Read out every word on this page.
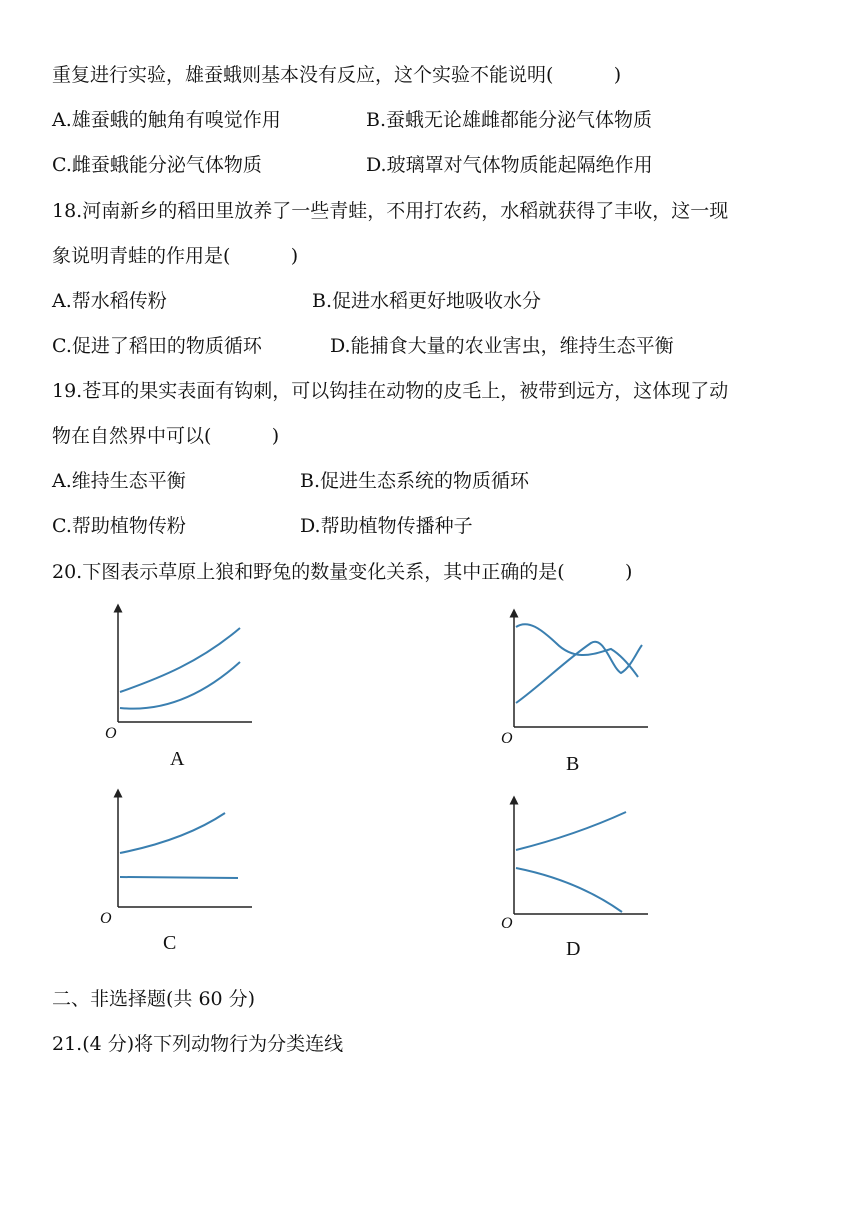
重复进行实验，雄蚕蛾则基本没有反应，这个实验不能说明(          )
A.雄蚕蛾的触角有嗅觉作用	B.蚕蛾无论雄雌都能分泌气体物质
C.雌蚕蛾能分泌气体物质	D.玻璃罩对气体物质能起隔绝作用
18.河南新乡的稻田里放养了一些青蛙，不用打农药，水稻就获得了丰收，这一现
象说明青蛙的作用是(          )
A.帮水稻传粉	B.促进水稻更好地吸收水分
C.促进了稻田的物质循环	D.能捕食大量的农业害虫，维持生态平衡
19.苍耳的果实表面有钩刺，可以钩挂在动物的皮毛上，被带到远方，这体现了动
物在自然界中可以(          )
A.维持生态平衡	B.促进生态系统的物质循环
C.帮助植物传粉	D.帮助植物传播种子
20.下图表示草原上狼和野兔的数量变化关系，其中正确的是(          )
O
A
O
B
O
C
O
D
二、非选择题(共 60 分)
21.(4 分)将下列动物行为分类连线
